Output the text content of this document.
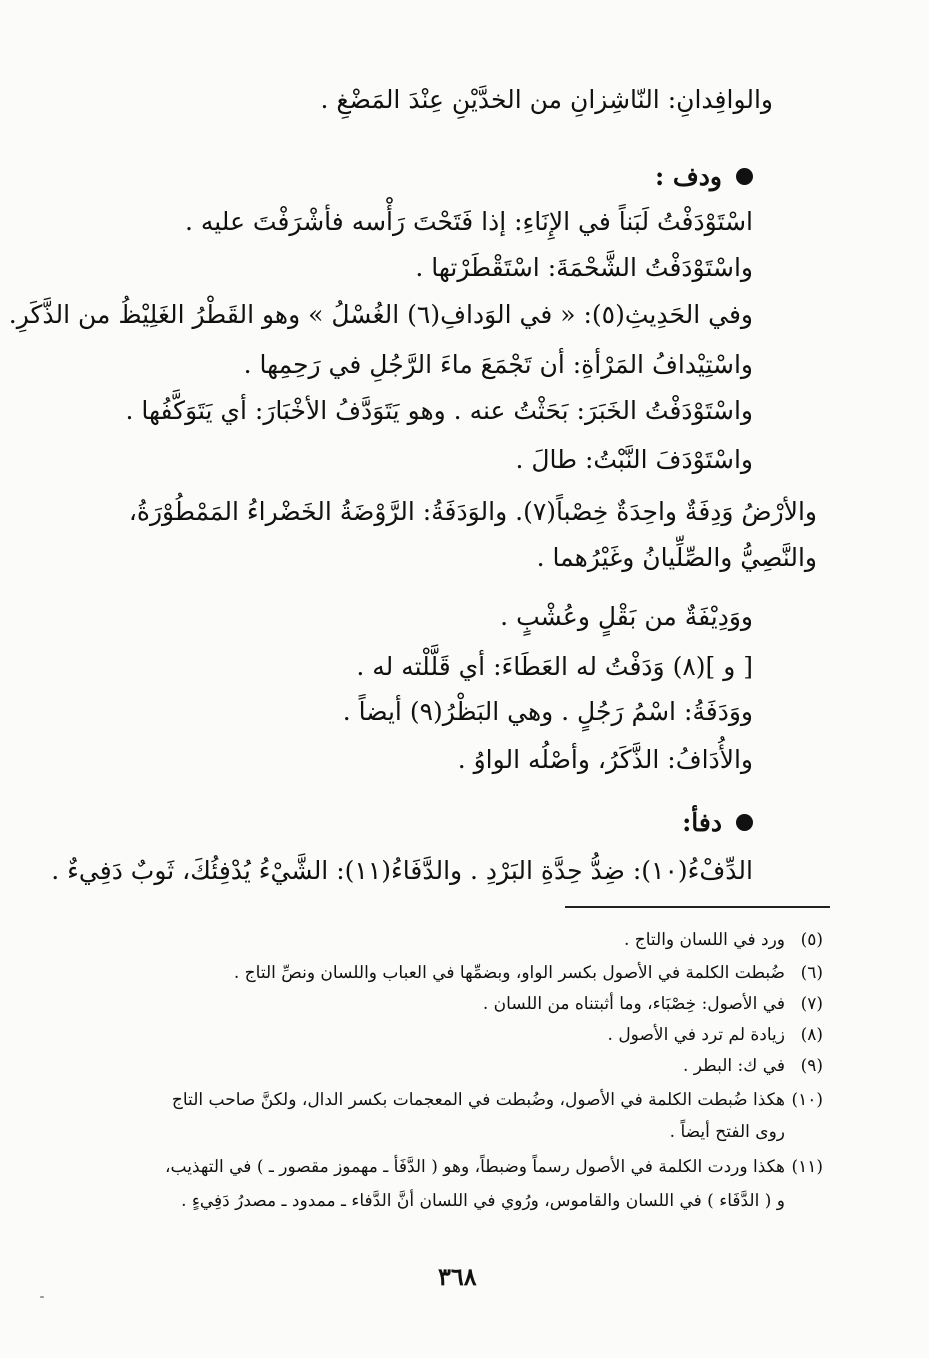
والوافِدانِ: النّاشِزانِ من الخدَّيْنِ عِنْدَ المَضْغِ .
ودف :
اسْتَوْدَفْتُ لَبَناً في الإِنَاءِ: إذا فَتَحْتَ رَأْسه فأشْرَفْتَ عليه .
واسْتَوْدَفْتُ الشَّحْمَةَ: اسْتَقْطَرْتها .
وفي الحَدِيثِ(٥): « في الوَدافِ(٦) الغُسْلُ » وهو القَطْرُ الغَلِيْظُ من الذَّكَرِ.
واسْتِيْدافُ المَرْأةِ: أن تَجْمَعَ ماءَ الرَّجُلِ في رَحِمِها .
واسْتَوْدَفْتُ الخَبَرَ: بَحَثْتُ عنه . وهو يَتَوَدَّفُ الأخْبَارَ: أي يَتَوَكَّفُها .
واسْتَوْدَفَ النَّبْتُ: طالَ .
والأرْضُ وَدِفَةٌ واحِدَةٌ خِصْباً(٧). والوَدَفَةُ: الرَّوْضَةُ الخَضْراءُ المَمْطُوْرَةُ،
والنَّصِيُّ والصِّلِّيانُ وغَيْرُهما .
ووَدِيْفَةٌ من بَقْلٍ وعُشْبٍ .
[ و ](٨) وَدَفْتُ له العَطَاءَ: أي قَلَّلْته له .
ووَدَفَةُ: اسْمُ رَجُلٍ . وهي البَظْرُ(٩) أيضاً .
والأُدَافُ: الذَّكَرُ، وأصْلُه الواوُ .
دفأ:
الدِّفْءُ(١٠): ضِدُّ حِدَّةِ البَرْدِ . والدَّفَاءُ(١١): الشَّيْءُ يُدْفِئُكَ، ثَوبٌ دَفِيءٌ .
(٥)ورد في اللسان والتاج .
(٦)ضُبطت الكلمة في الأصول بكسر الواو، وبضمِّها في العباب واللسان ونصِّ التاج .
(٧)في الأصول: خِصْبَاء، وما أثبتناه من اللسان .
(٨)زيادة لم ترد في الأصول .
(٩)في ك: البطر .
(١٠)هكذا ضُبطت الكلمة في الأصول، وضُبطت في المعجمات بكسر الدال، ولكنَّ صاحب التاج
روى الفتح أيضاً .
(١١)هكذا وردت الكلمة في الأصول رسماً وضبطاً، وهو ( الدَّفَأ ـ مهموز مقصور ـ ) في التهذيب،
و ( الدَّفَاء ) في اللسان والقاموس، ورُوي في اللسان أنَّ الدَّفاء ـ ممدود ـ مصدرُ دَفِيءٍ .
٣٦٨
